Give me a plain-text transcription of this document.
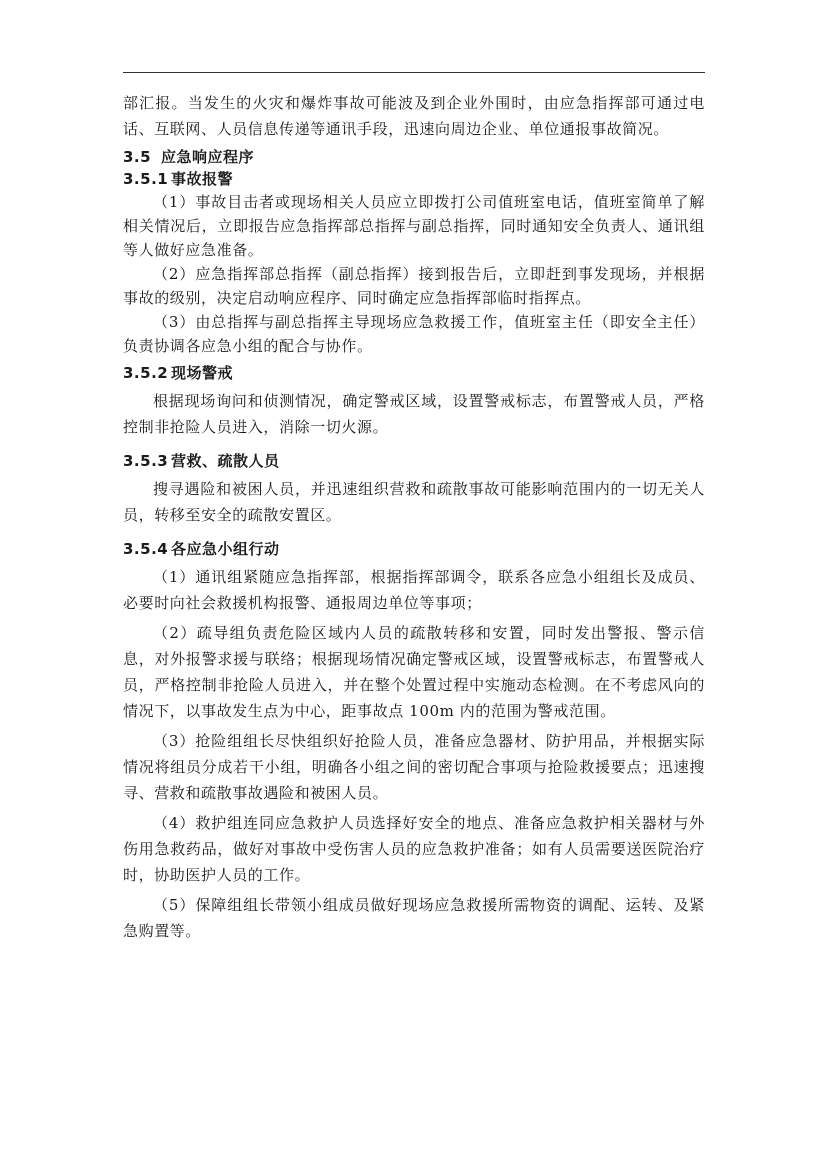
部汇报。当发生的火灾和爆炸事故可能波及到企业外围时，由应急指挥部可通过电话、互联网、人员信息传递等通讯手段，迅速向周边企业、单位通报事故简况。

3.5 应急响应程序
3.5.1 事故报警

（1）事故目击者或现场相关人员应立即拨打公司值班室电话，值班室简单了解相关情况后，立即报告应急指挥部总指挥与副总指挥，同时通知安全负责人、通讯组等人做好应急准备。

（2）应急指挥部总指挥（副总指挥）接到报告后，立即赶到事发现场，并根据事故的级别，决定启动响应程序、同时确定应急指挥部临时指挥点。

（3）由总指挥与副总指挥主导现场应急救援工作，值班室主任（即安全主任）负责协调各应急小组的配合与协作。

3.5.2 现场警戒

根据现场询问和侦测情况，确定警戒区域，设置警戒标志，布置警戒人员，严格控制非抢险人员进入，消除一切火源。

3.5.3 营救、疏散人员

搜寻遇险和被困人员，并迅速组织营救和疏散事故可能影响范围内的一切无关人员，转移至安全的疏散安置区。

3.5.4 各应急小组行动

（1）通讯组紧随应急指挥部，根据指挥部调令，联系各应急小组组长及成员、必要时向社会救援机构报警、通报周边单位等事项；

（2）疏导组负责危险区域内人员的疏散转移和安置，同时发出警报、警示信息，对外报警求援与联络；根据现场情况确定警戒区域，设置警戒标志，布置警戒人员，严格控制非抢险人员进入，并在整个处置过程中实施动态检测。在不考虑风向的情况下，以事故发生点为中心，距事故点 100m 内的范围为警戒范围。

（3）抢险组组长尽快组织好抢险人员，准备应急器材、防护用品，并根据实际情况将组员分成若干小组，明确各小组之间的密切配合事项与抢险救援要点；迅速搜寻、营救和疏散事故遇险和被困人员。

（4）救护组连同应急救护人员选择好安全的地点、准备应急救护相关器材与外伤用急救药品，做好对事故中受伤害人员的应急救护准备；如有人员需要送医院治疗时，协助医护人员的工作。

（5）保障组组长带领小组成员做好现场应急救援所需物资的调配、运转、及紧急购置等。
